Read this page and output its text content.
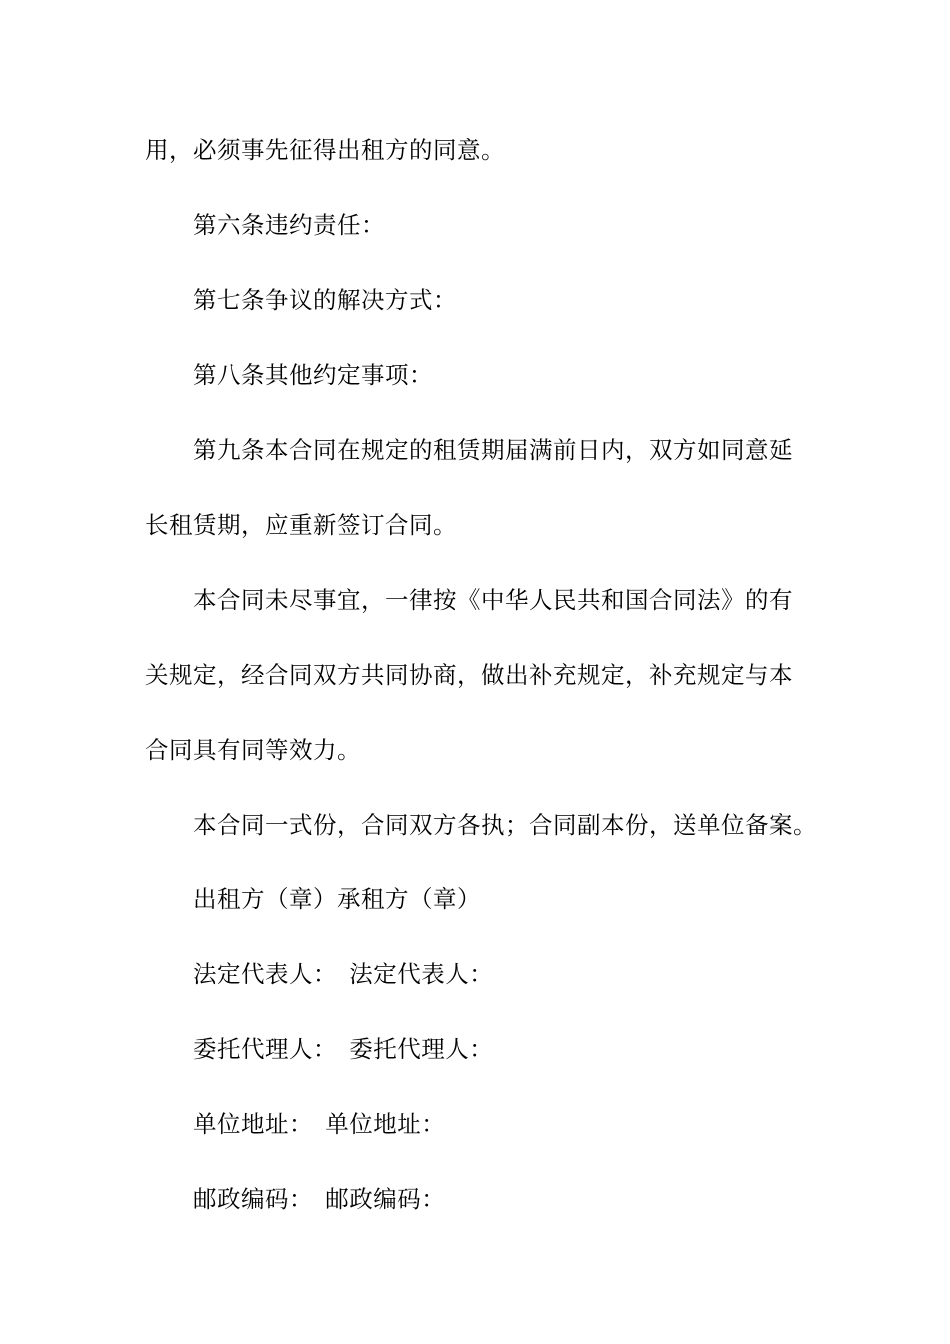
用，必须事先征得出租方的同意。
第六条违约责任：
第七条争议的解决方式：
第八条其他约定事项：
第九条本合同在规定的租赁期届满前日内，双方如同意延
长租赁期，应重新签订合同。
本合同未尽事宜，一律按《中华人民共和国合同法》的有
关规定，经合同双方共同协商，做出补充规定，补充规定与本
合同具有同等效力。
本合同一式份，合同双方各执；合同副本份，送单位备案。
出租方（章）承租方（章）
法定代表人：　法定代表人：
委托代理人：　委托代理人：
单位地址：　单位地址：
邮政编码：　邮政编码：
